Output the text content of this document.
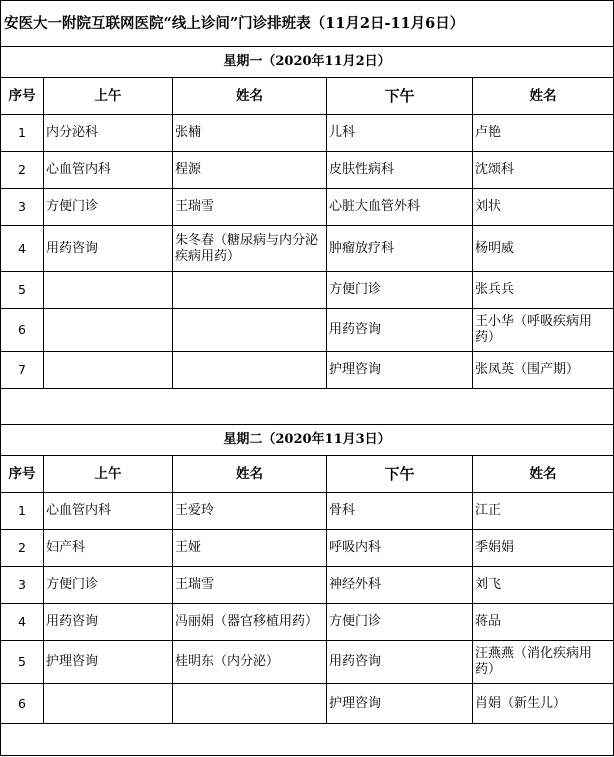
安医大一附院互联网医院“线上诊间”门诊排班表（11月2日-11月6日）				
星期一（2020年11月2日）				
序号	上午	姓名	下午	姓名
1	内分泌科	张楠	儿科	卢艳
2	心血管内科	程源	皮肤性病科	沈颂科
3	方便门诊	王瑞雪	心脏大血管外科	刘状
4	用药咨询	朱冬春（糖尿病与内分泌疾病用药）	肿瘤放疗科	杨明威
5			方便门诊	张兵兵
6			用药咨询	王小华（呼吸疾病用药）
7			护理咨询	张凤英（围产期）

星期二（2020年11月3日）				
序号	上午	姓名	下午	姓名
1	心血管内科	王爱玲	骨科	江正
2	妇产科	王娅	呼吸内科	季娟娟
3	方便门诊	王瑞雪	神经外科	刘飞
4	用药咨询	冯丽娟（器官移植用药）	方便门诊	蒋品
5	护理咨询	桂明东（内分泌）	用药咨询	汪燕燕（消化疾病用药）
6			护理咨询	肖娟（新生儿）
